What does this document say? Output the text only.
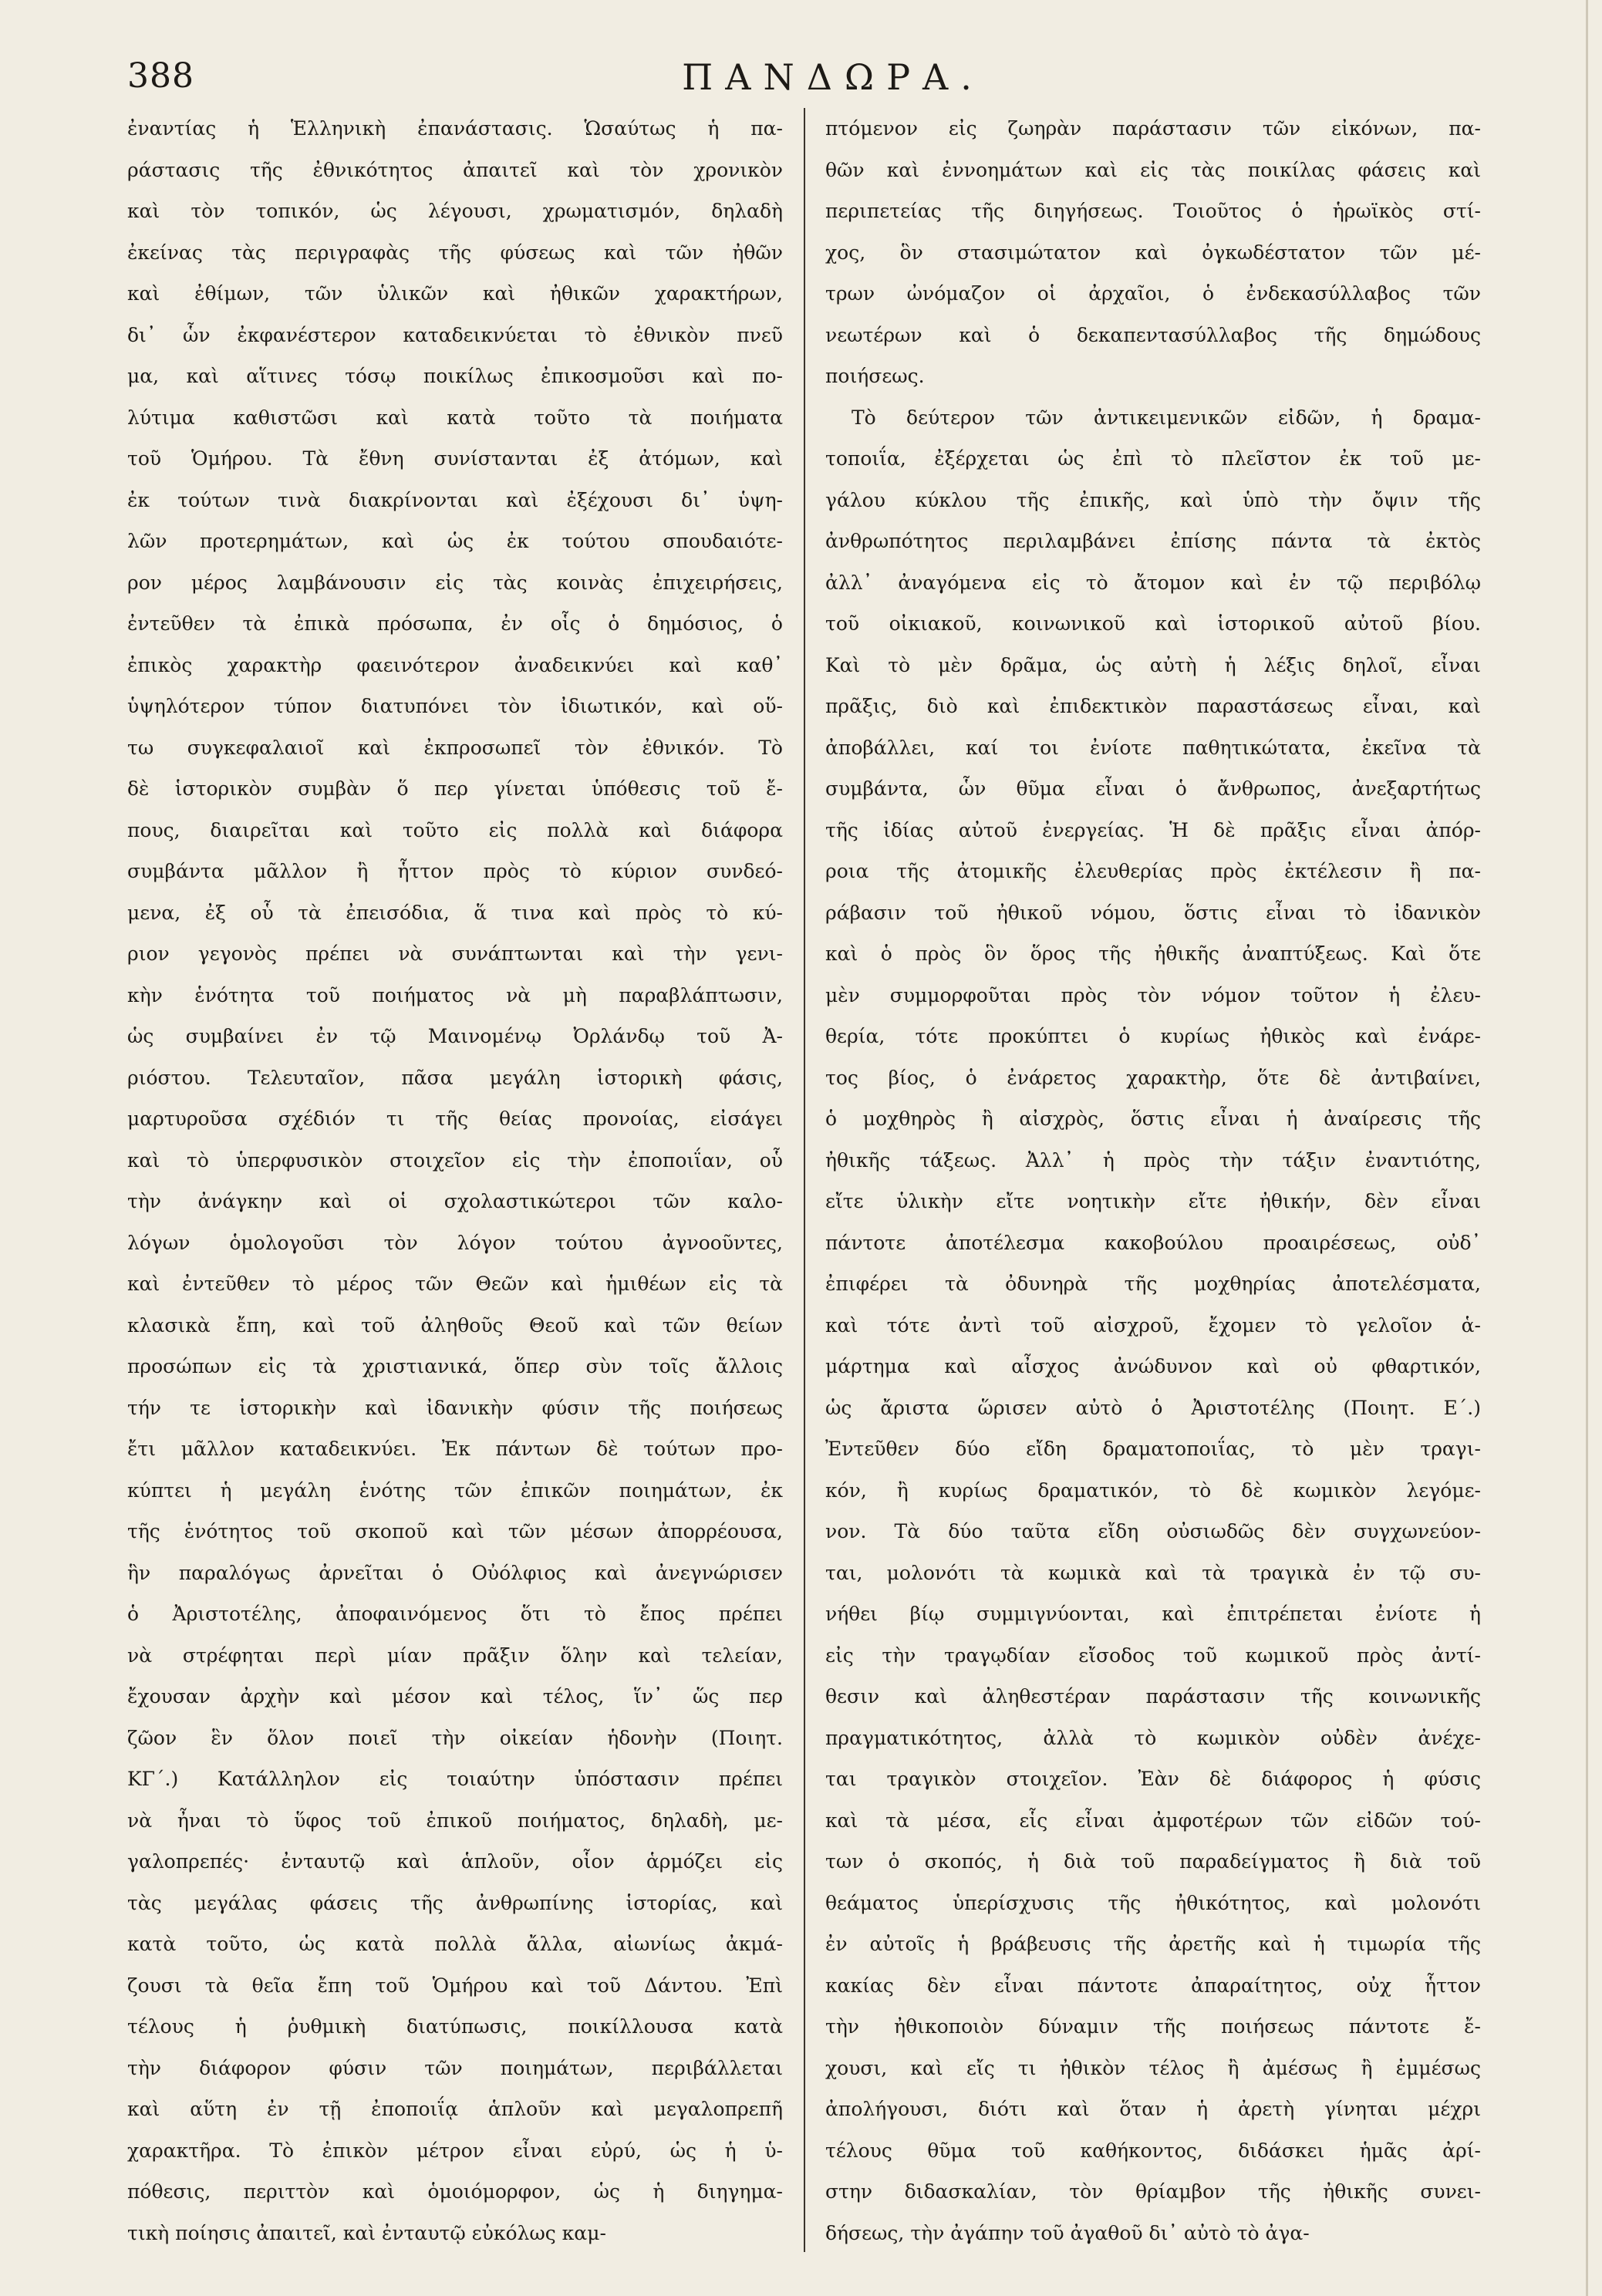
388	ΠΑΝΔΩΡΑ.
ἐναντίας ἡ Ἑλληνικὴ ἐπανάστασις. Ὡσαύτως ἡ πα-
ράστασις τῆς ἐθνικότητος ἀπαιτεῖ καὶ τὸν χρονικὸν
καὶ τὸν τοπικόν, ὡς λέγουσι, χρωματισμόν, δηλαδὴ
ἐκείνας τὰς περιγραφὰς τῆς φύσεως καὶ τῶν ἠθῶν
καὶ ἐθίμων, τῶν ὑλικῶν καὶ ἠθικῶν χαρακτήρων,
δι᾽ ὧν ἐκφανέστερον καταδεικνύεται τὸ ἐθνικὸν πνεῦ
μα, καὶ αἵτινες τόσῳ ποικίλως ἐπικοσμοῦσι καὶ πο-
λύτιμα καθιστῶσι καὶ κατὰ τοῦτο τὰ ποιήματα
τοῦ Ὁμήρου. Τὰ ἔθνη συνίστανται ἐξ ἀτόμων, καὶ
ἐκ τούτων τινὰ διακρίνονται καὶ ἐξέχουσι δι᾽ ὑψη-
λῶν προτερημάτων, καὶ ὡς ἐκ τούτου σπουδαιότε-
ρον μέρος λαμβάνουσιν εἰς τὰς κοινὰς ἐπιχειρήσεις,
ἐντεῦθεν τὰ ἐπικὰ πρόσωπα, ἐν οἷς ὁ δημόσιος, ὁ
ἐπικὸς χαρακτὴρ φαεινότερον ἀναδεικνύει καὶ καθ᾽
ὑψηλότερον τύπον διατυπόνει τὸν ἰδιωτικόν, καὶ οὕ-
τω συγκεφαλαιοῖ καὶ ἐκπροσωπεῖ τὸν ἐθνικόν. Τὸ
δὲ ἱστορικὸν συμβὰν ὅ περ γίνεται ὑπόθεσις τοῦ ἔ-
πους, διαιρεῖται καὶ τοῦτο εἰς πολλὰ καὶ διάφορα
συμβάντα μᾶλλον ἢ ἧττον πρὸς τὸ κύριον συνδεό-
μενα, ἐξ οὗ τὰ ἐπεισόδια, ἅ τινα καὶ πρὸς τὸ κύ-
ριον γεγονὸς πρέπει νὰ συνάπτωνται καὶ τὴν γενι-
κὴν ἑνότητα τοῦ ποιήματος νὰ μὴ παραβλάπτωσιν,
ὡς συμβαίνει ἐν τῷ Μαινομένῳ Ὀρλάνδῳ τοῦ Ἀ-
ριόστου. Τελευταῖον, πᾶσα μεγάλη ἱστορικὴ φάσις,
μαρτυροῦσα σχέδιόν τι τῆς θείας προνοίας, εἰσάγει
καὶ τὸ ὑπερφυσικὸν στοιχεῖον εἰς τὴν ἐποποιΐαν, οὗ
τὴν ἀνάγκην καὶ οἱ σχολαστικώτεροι τῶν καλο-
λόγων ὁμολογοῦσι τὸν λόγον τούτου ἀγνοοῦντες,
καὶ ἐντεῦθεν τὸ μέρος τῶν Θεῶν καὶ ἡμιθέων εἰς τὰ
κλασικὰ ἔπη, καὶ τοῦ ἀληθοῦς Θεοῦ καὶ τῶν θείων
προσώπων εἰς τὰ χριστιανικά, ὅπερ σὺν τοῖς ἄλλοις
τήν τε ἱστορικὴν καὶ ἰδανικὴν φύσιν τῆς ποιήσεως
ἔτι μᾶλλον καταδεικνύει. Ἐκ πάντων δὲ τούτων προ-
κύπτει ἡ μεγάλη ἑνότης τῶν ἐπικῶν ποιημάτων, ἐκ
τῆς ἑνότητος τοῦ σκοποῦ καὶ τῶν μέσων ἀπορρέουσα,
ἣν παραλόγως ἀρνεῖται ὁ Οὐόλφιος καὶ ἀνεγνώρισεν
ὁ Ἀριστοτέλης, ἀποφαινόμενος ὅτι τὸ ἔπος πρέπει
νὰ στρέφηται περὶ μίαν πρᾶξιν ὅλην καὶ τελείαν,
ἔχουσαν ἀρχὴν καὶ μέσον καὶ τέλος, ἵν᾽ ὥς περ
ζῶον ἓν ὅλον ποιεῖ τὴν οἰκείαν ἡδονὴν (Ποιητ.
ΚΓ΄.) Κατάλληλον εἰς τοιαύτην ὑπόστασιν πρέπει
νὰ ἦναι τὸ ὕφος τοῦ ἐπικοῦ ποιήματος, δηλαδὴ, με-
γαλοπρεπές· ἐνταυτῷ καὶ ἁπλοῦν, οἷον ἁρμόζει εἰς
τὰς μεγάλας φάσεις τῆς ἀνθρωπίνης ἱστορίας, καὶ
κατὰ τοῦτο, ὡς κατὰ πολλὰ ἄλλα, αἰωνίως ἀκμά-
ζουσι τὰ θεῖα ἔπη τοῦ Ὁμήρου καὶ τοῦ Δάντου. Ἐπὶ
τέλους ἡ ῥυθμικὴ διατύπωσις, ποικίλλουσα κατὰ
τὴν διάφορον φύσιν τῶν ποιημάτων, περιβάλλεται
καὶ αὕτη ἐν τῇ ἐποποιΐᾳ ἁπλοῦν καὶ μεγαλοπρεπῆ
χαρακτῆρα. Τὸ ἐπικὸν μέτρον εἶναι εὐρύ, ὡς ἡ ὑ-
πόθεσις, περιττὸν καὶ ὁμοιόμορφον, ὡς ἡ διηγημα-
τικὴ ποίησις ἀπαιτεῖ, καὶ ἐνταυτῷ εὐκόλως καμ-
πτόμενον εἰς ζωηρὰν παράστασιν τῶν εἰκόνων, πα-
θῶν καὶ ἐννοημάτων καὶ εἰς τὰς ποικίλας φάσεις καὶ
περιπετείας τῆς διηγήσεως. Τοιοῦτος ὁ ἡρωϊκὸς στί-
χος, ὃν στασιμώτατον καὶ ὀγκωδέστατον τῶν μέ-
τρων ὠνόμαζον οἱ ἀρχαῖοι, ὁ ἐνδεκασύλλαβος τῶν
νεωτέρων καὶ ὁ δεκαπεντασύλλαβος τῆς δημώδους
ποιήσεως.
Τὸ δεύτερον τῶν ἀντικειμενικῶν εἰδῶν, ἡ δραμα-
τοποιΐα, ἐξέρχεται ὡς ἐπὶ τὸ πλεῖστον ἐκ τοῦ με-
γάλου κύκλου τῆς ἐπικῆς, καὶ ὑπὸ τὴν ὄψιν τῆς
ἀνθρωπότητος περιλαμβάνει ἐπίσης πάντα τὰ ἐκτὸς
ἀλλ᾽ ἀναγόμενα εἰς τὸ ἄτομον καὶ ἐν τῷ περιβόλῳ
τοῦ οἰκιακοῦ, κοινωνικοῦ καὶ ἱστορικοῦ αὐτοῦ βίου.
Καὶ τὸ μὲν δρᾶμα, ὡς αὐτὴ ἡ λέξις δηλοῖ, εἶναι
πρᾶξις, διὸ καὶ ἐπιδεκτικὸν παραστάσεως εἶναι, καὶ
ἀποβάλλει, καί τοι ἐνίοτε παθητικώτατα, ἐκεῖνα τὰ
συμβάντα, ὧν θῦμα εἶναι ὁ ἄνθρωπος, ἀνεξαρτήτως
τῆς ἰδίας αὐτοῦ ἐνεργείας. Ἡ δὲ πρᾶξις εἶναι ἀπόρ-
ροια τῆς ἀτομικῆς ἐλευθερίας πρὸς ἐκτέλεσιν ἢ πα-
ράβασιν τοῦ ἠθικοῦ νόμου, ὅστις εἶναι τὸ ἰδανικὸν
καὶ ὁ πρὸς ὃν ὅρος τῆς ἠθικῆς ἀναπτύξεως. Καὶ ὅτε
μὲν συμμορφοῦται πρὸς τὸν νόμον τοῦτον ἡ ἐλευ-
θερία, τότε προκύπτει ὁ κυρίως ἠθικὸς καὶ ἐνάρε-
τος βίος, ὁ ἐνάρετος χαρακτὴρ, ὅτε δὲ ἀντιβαίνει,
ὁ μοχθηρὸς ἢ αἰσχρὸς, ὅστις εἶναι ἡ ἀναίρεσις τῆς
ἠθικῆς τάξεως. Ἀλλ᾽ ἡ πρὸς τὴν τάξιν ἐναντιότης,
εἴτε ὑλικὴν εἴτε νοητικὴν εἴτε ἠθικήν, δὲν εἶναι
πάντοτε ἀποτέλεσμα κακοβούλου προαιρέσεως, οὐδ᾽
ἐπιφέρει τὰ ὀδυνηρὰ τῆς μοχθηρίας ἀποτελέσματα,
καὶ τότε ἀντὶ τοῦ αἰσχροῦ, ἔχομεν τὸ γελοῖον ἁ-
μάρτημα καὶ αἶσχος ἀνώδυνον καὶ οὐ φθαρτικόν,
ὡς ἄριστα ὥρισεν αὐτὸ ὁ Ἀριστοτέλης (Ποιητ. Ε΄.)
Ἐντεῦθεν δύο εἴδη δραματοποιΐας, τὸ μὲν τραγι-
κόν, ἢ κυρίως δραματικόν, τὸ δὲ κωμικὸν λεγόμε-
νον. Τὰ δύο ταῦτα εἴδη οὐσιωδῶς δὲν συγχωνεύον-
ται, μολονότι τὰ κωμικὰ καὶ τὰ τραγικὰ ἐν τῷ συ-
νήθει βίῳ συμμιγνύονται, καὶ ἐπιτρέπεται ἐνίοτε ἡ
εἰς τὴν τραγῳδίαν εἴσοδος τοῦ κωμικοῦ πρὸς ἀντί-
θεσιν καὶ ἀληθεστέραν παράστασιν τῆς κοινωνικῆς
πραγματικότητος, ἀλλὰ τὸ κωμικὸν οὐδὲν ἀνέχε-
ται τραγικὸν στοιχεῖον. Ἐὰν δὲ διάφορος ἡ φύσις
καὶ τὰ μέσα, εἷς εἶναι ἀμφοτέρων τῶν εἰδῶν τού-
των ὁ σκοπός, ἡ διὰ τοῦ παραδείγματος ἢ διὰ τοῦ
θεάματος ὑπερίσχυσις τῆς ἠθικότητος, καὶ μολονότι
ἐν αὐτοῖς ἡ βράβευσις τῆς ἀρετῆς καὶ ἡ τιμωρία τῆς
κακίας δὲν εἶναι πάντοτε ἀπαραίτητος, οὐχ ἧττον
τὴν ἠθικοποιὸν δύναμιν τῆς ποιήσεως πάντοτε ἔ-
χουσι, καὶ εἴς τι ἠθικὸν τέλος ἢ ἀμέσως ἢ ἐμμέσως
ἀπολήγουσι, διότι καὶ ὅταν ἡ ἀρετὴ γίνηται μέχρι
τέλους θῦμα τοῦ καθήκοντος, διδάσκει ἡμᾶς ἀρί-
στην διδασκαλίαν, τὸν θρίαμβον τῆς ἠθικῆς συνει-
δήσεως, τὴν ἀγάπην τοῦ ἀγαθοῦ δι᾽ αὐτὸ τὸ ἀγα-
